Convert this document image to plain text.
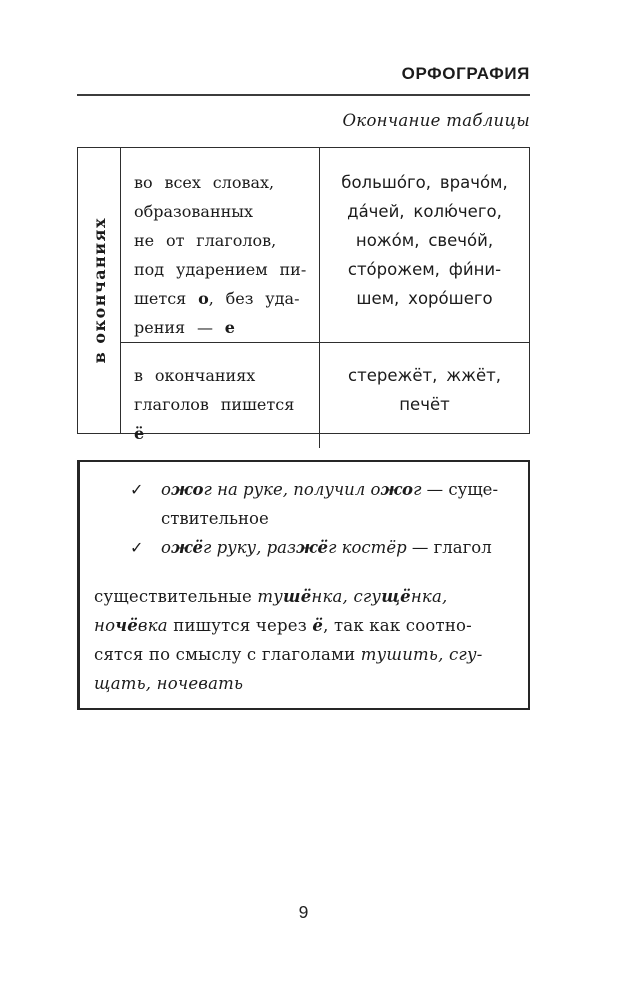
ОРФОГРАФИЯ
Окончание таблицы
в окончаниях
во всех словах,
образованных
не от глаголов,
под ударением пи-
шется о, без уда-
рения — е
большо́го, врачо́м,
да́чей, колю́чего,
ножо́м, свечо́й,
сто́рожем, фи́ни-
шем, хоро́шего
в окончаниях
глаголов пишется ё
стережёт, жжёт,
печёт
✓	ожог на руке, получил ожог — суще-
ствительное
✓	ожёг руку, разжёг костёр — глагол
существительные тушёнка, сгущёнка,
ночёвка пишутся через ё, так как соотно-
сятся по смыслу с глаголами тушить, сгу-
щать, ночевать
9
